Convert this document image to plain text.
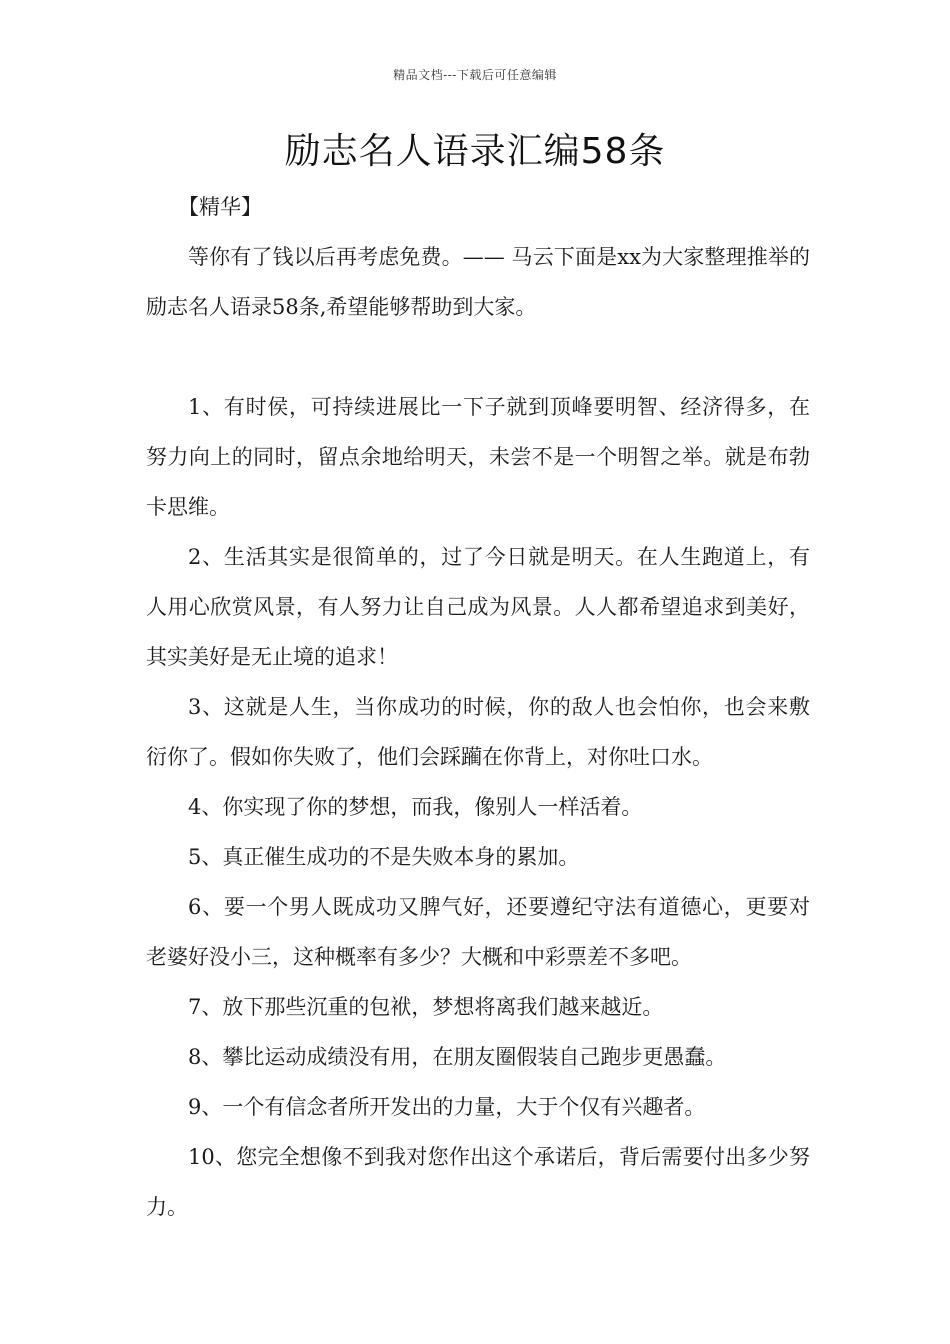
精品文档---下载后可任意编辑
励志名人语录汇编58条

【精华】

等你有了钱以后再考虑免费。—— 马云下面是xx为大家整理推举的励志名人语录58条,希望能够帮助到大家。

1、有时侯，可持续进展比一下子就到顶峰要明智、经济得多，在努力向上的同时，留点余地给明天，未尝不是一个明智之举。就是布勃卡思维。

2、生活其实是很简单的，过了今日就是明天。在人生跑道上，有人用心欣赏风景，有人努力让自己成为风景。人人都希望追求到美好，其实美好是无止境的追求！

3、这就是人生，当你成功的时候，你的敌人也会怕你，也会来敷衍你了。假如你失败了，他们会踩躏在你背上，对你吐口水。

4、你实现了你的梦想，而我，像别人一样活着。

5、真正催生成功的不是失败本身的累加。

6、要一个男人既成功又脾气好，还要遵纪守法有道德心，更要对老婆好没小三，这种概率有多少？大概和中彩票差不多吧。

7、放下那些沉重的包袱，梦想将离我们越来越近。

8、攀比运动成绩没有用，在朋友圈假装自己跑步更愚蠢。

9、一个有信念者所开发出的力量，大于个仅有兴趣者。

10、您完全想像不到我对您作出这个承诺后，背后需要付出多少努力。
